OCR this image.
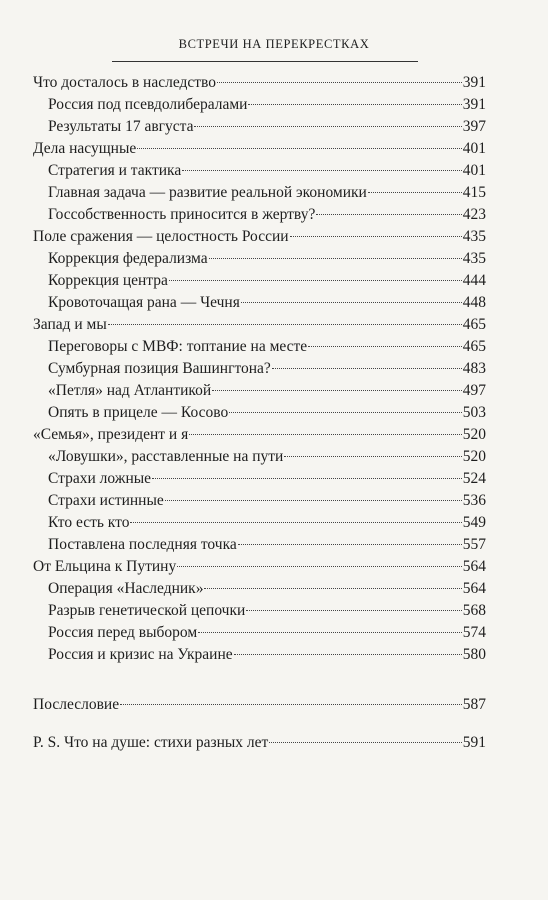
ВСТРЕЧИ НА ПЕРЕКРЕСТКАХ
Что досталось в наследство	391
Россия под псевдолибералами	391
Результаты 17 августа	397
Дела насущные	401
Стратегия и тактика	401
Главная задача — развитие реальной экономики	415
Госсобственность приносится в жертву?	423
Поле сражения — целостность России	435
Коррекция федерализма	435
Коррекция центра	444
Кровоточащая рана — Чечня	448
Запад и мы	465
Переговоры с МВФ: топтание на месте	465
Сумбурная позиция Вашингтона?	483
«Петля» над Атлантикой	497
Опять в прицеле — Косово	503
«Семья», президент и я	520
«Ловушки», расставленные на пути	520
Страхи ложные	524
Страхи истинные	536
Кто есть кто	549
Поставлена последняя точка	557
От Ельцина к Путину	564
Операция «Наследник»	564
Разрыв генетической цепочки	568
Россия перед выбором	574
Россия и кризис на Украине	580
Послесловие	587
P. S. Что на душе: стихи разных лет	591
